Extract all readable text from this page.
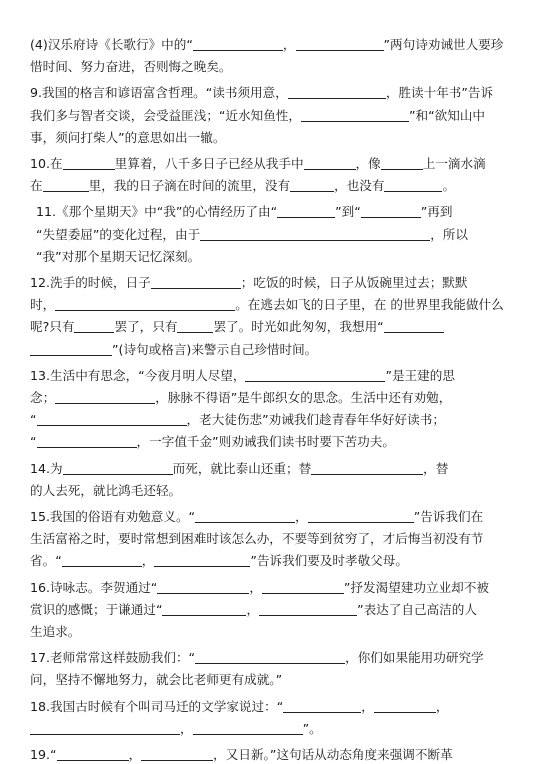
(4)汉乐府诗《长歌行》中的“	，	”两句诗劝诫世人要珍
惜时间、努力奋进，否则悔之晚矣。
9.我国的格言和谚语富含哲理。“读书须用意，	，胜读十年书”告诉
我们多与智者交谈，会受益匪浅；“近水知鱼性，	”和“欲知山中
事，须问打柴人”的意思如出一辙。
10.在	里算着，八千多日子已经从我手中	，像	上一滴水滴
在	里，我的日子滴在时间的流里，没有	，也没有	。
11.《那个星期天》中“我”的心情经历了由“	”到“	”再到
“失望委屈”的变化过程，由于	，所以
“我”对那个星期天记忆深刻。
12.洗手的时候，日子	；吃饭的时候，日子从饭碗里过去；默默
时，	。在逃去如飞的日子里，在 的世界里我能做什么
呢?只有	罢了，只有	罢了。时光如此匆匆，我想用“
”(诗句或格言)来警示自己珍惜时间。
13.生活中有思念，“今夜月明人尽望，	”是王建的思
念；	，脉脉不得语”是牛郎织女的思念。生活中还有劝勉，
“	，老大徒伤悲”劝诫我们趁青春年华好好读书；
“	，一字值千金”则劝诫我们读书时要下苦功夫。
14.为	而死，就比泰山还重；替	，替
的人去死，就比鸿毛还轻。
15.我国的俗语有劝勉意义。“	，	”告诉我们在
生活富裕之时，要时常想到困难时该怎么办，不要等到贫穷了，才后悔当初没有节
省。“	，	”告诉我们要及时孝敬父母。
16.诗咏志。李贺通过“	，	”抒发渴望建功立业却不被
赏识的感慨；于谦通过“	，	”表达了自己高洁的人
生追求。
17.老师常常这样鼓励我们：“	，你们如果能用功研究学
问，坚持不懈地努力，就会比老师更有成就。”
18.我国古时候有个叫司马迁的文学家说过：“	，	，
，	”。
19.“	，	，又日新。”这句话从动态角度来强调不断革
